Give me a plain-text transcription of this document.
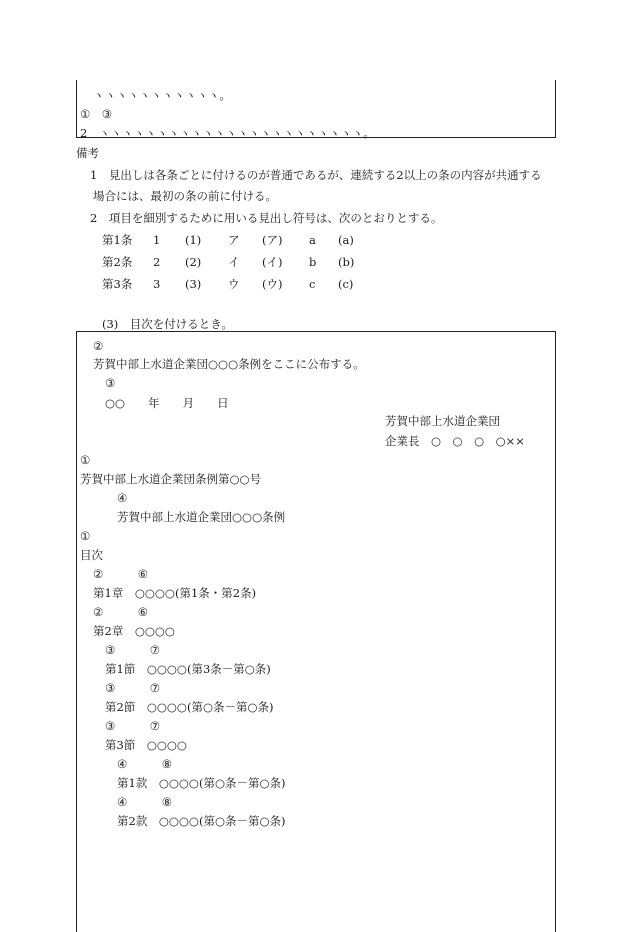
ヽヽヽヽヽヽヽヽヽヽヽ。
①　③
2　ヽヽヽヽヽヽヽヽヽヽヽヽヽヽヽヽヽヽヽヽヽヽヽ。
備考
1　見出しは各条ごとに付けるのが普通であるが、連続する2以上の条の内容が共通する
場合には、最初の条の前に付ける。
2　項目を細別するために用いる見出し符号は、次のとおりとする。
第1条 1 (1) ア (ア) a (a)
第2条 2 (2) イ (イ) b (b)
第3条 3 (3) ウ (ウ) c (c)
(3)　目次を付けるとき。
②
芳賀中部上水道企業団○○○条例をここに公布する。
③
○○　　年　　月　　日
芳賀中部上水道企業団
企業長　○　○　○　○××
①
芳賀中部上水道企業団条例第○○号
④
芳賀中部上水道企業団○○○条例
①
目次
②　　　⑥
第1章　○○○○(第1条・第2条)
②　　　⑥
第2章　○○○○
③　　　⑦
第1節　○○○○(第3条－第○条)
③　　　⑦
第2節　○○○○(第○条－第○条)
③　　　⑦
第3節　○○○○
④　　　⑧
第1款　○○○○(第○条－第○条)
④　　　⑧
第2款　○○○○(第○条－第○条)
